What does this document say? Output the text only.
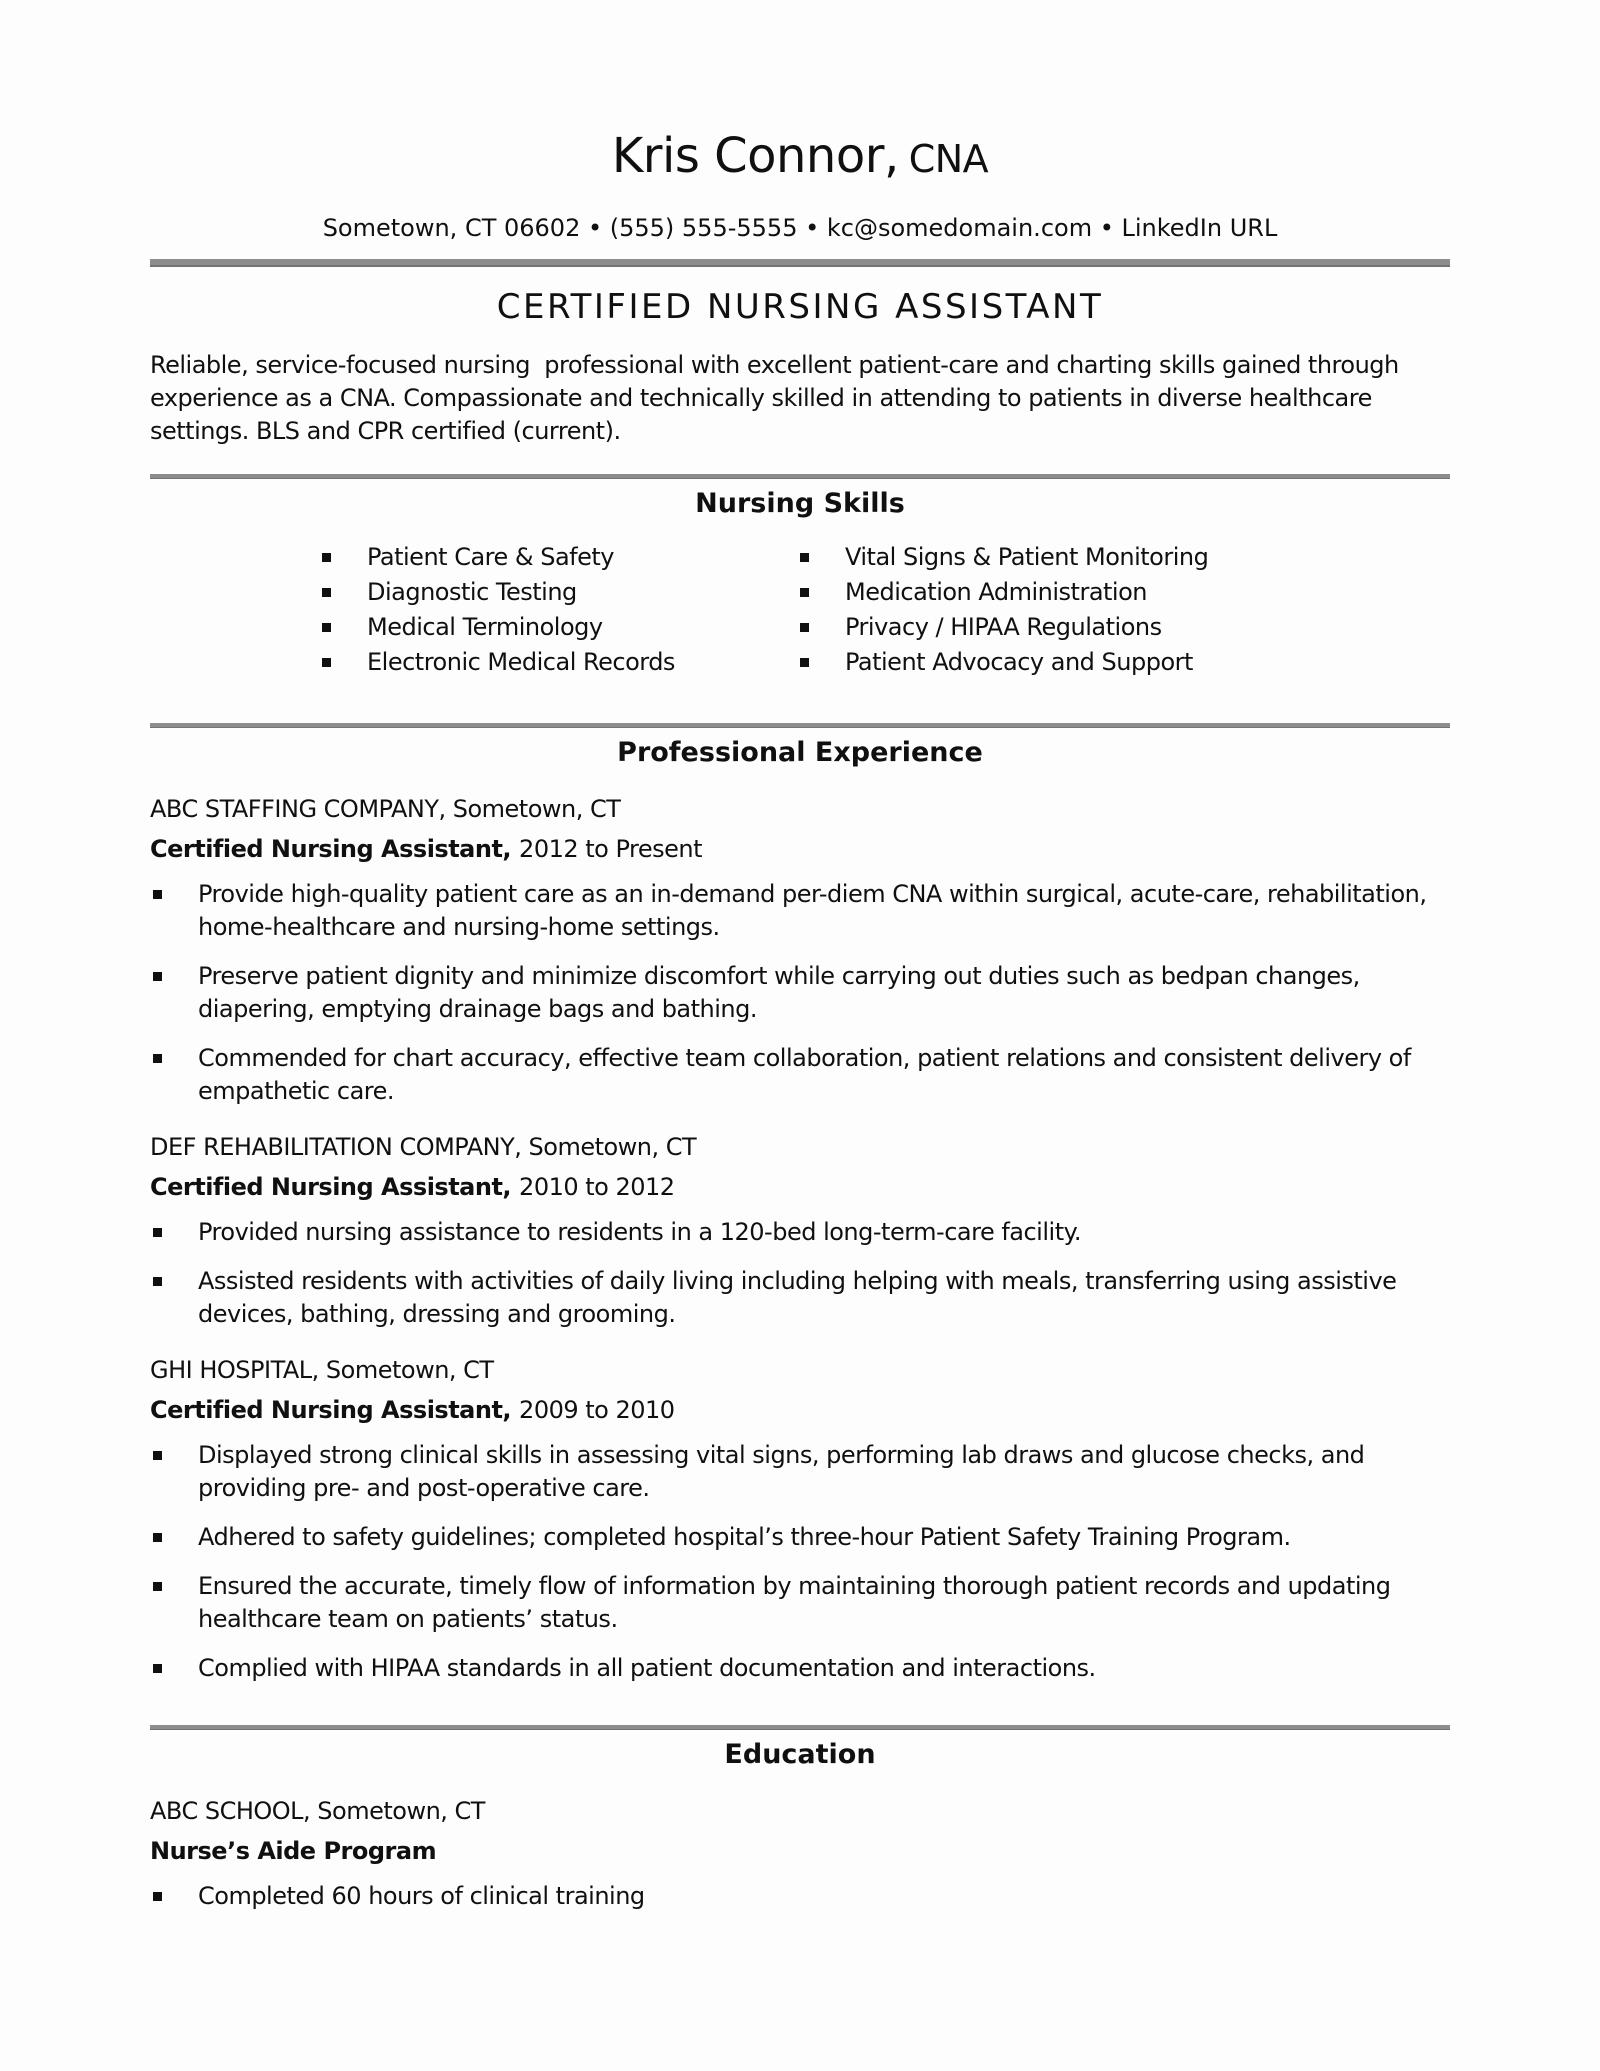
Kris Connor, CNA
Sometown, CT 06602 • (555) 555-5555 • kc@somedomain.com • LinkedIn URL
CERTIFIED NURSING ASSISTANT

Reliable, service-focused nursing  professional with excellent patient-care and charting skills gained through experience as a CNA. Compassionate and technically skilled in attending to patients in diverse healthcare settings. BLS and CPR certified (current).

Nursing Skills
Patient Care & Safety
Diagnostic Testing
Medical Terminology
Electronic Medical Records
Vital Signs & Patient Monitoring
Medication Administration
Privacy / HIPAA Regulations
Patient Advocacy and Support
Professional Experience
ABC STAFFING COMPANY, Sometown, CT
Certified Nursing Assistant, 2012 to Present
Provide high-quality patient care as an in-demand per-diem CNA within surgical, acute-care, rehabilitation, home-healthcare and nursing-home settings.
Preserve patient dignity and minimize discomfort while carrying out duties such as bedpan changes, diapering, emptying drainage bags and bathing.
Commended for chart accuracy, effective team collaboration, patient relations and consistent delivery of empathetic care.
DEF REHABILITATION COMPANY, Sometown, CT
Certified Nursing Assistant, 2010 to 2012
Provided nursing assistance to residents in a 120-bed long-term-care facility.
Assisted residents with activities of daily living including helping with meals, transferring using assistive devices, bathing, dressing and grooming.
GHI HOSPITAL, Sometown, CT
Certified Nursing Assistant, 2009 to 2010
Displayed strong clinical skills in assessing vital signs, performing lab draws and glucose checks, and providing pre- and post-operative care.
Adhered to safety guidelines; completed hospital’s three-hour Patient Safety Training Program.
Ensured the accurate, timely flow of information by maintaining thorough patient records and updating healthcare team on patients’ status.
Complied with HIPAA standards in all patient documentation and interactions.
Education
ABC SCHOOL, Sometown, CT
Nurse’s Aide Program
Completed 60 hours of clinical training
